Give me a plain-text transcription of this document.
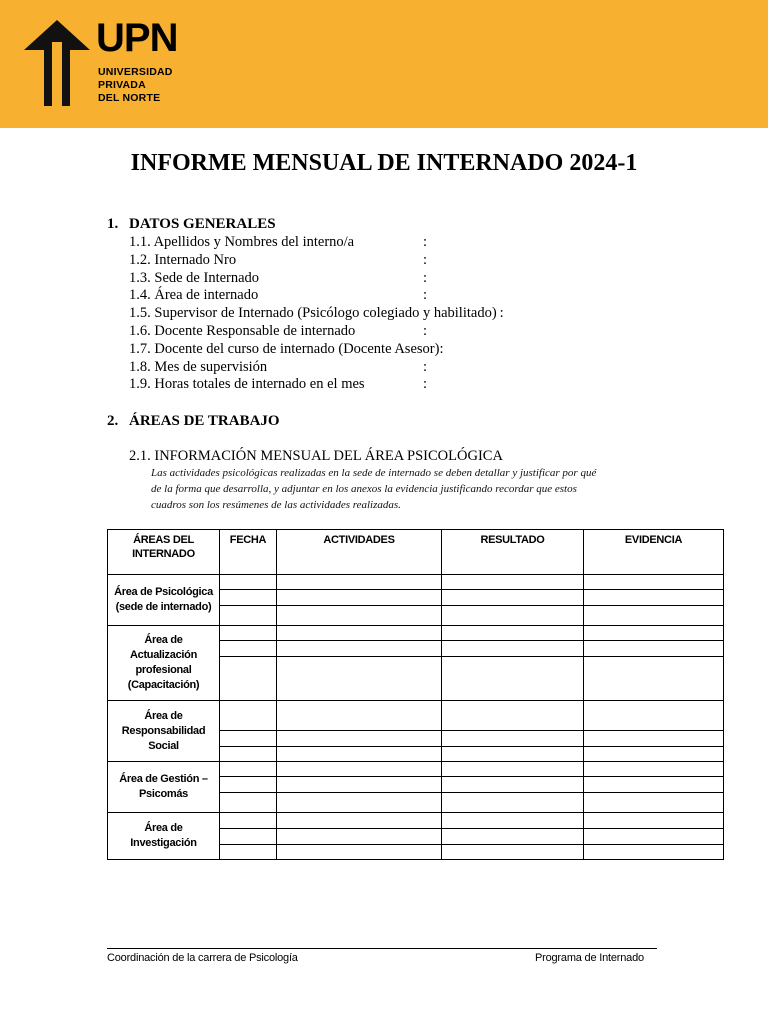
UPN
UNIVERSIDAD
PRIVADA
DEL NORTE
INFORME MENSUAL DE INTERNADO 2024-1
1. DATOS GENERALES
1.1. Apellidos y Nombres del interno/a	:
1.2. Internado Nro	:
1.3. Sede de Internado	:
1.4. Área de internado	:
1.5. Supervisor de Internado (Psicólogo colegiado y habilitado) :
1.6. Docente Responsable de internado	:
1.7. Docente del curso de internado (Docente Asesor):
1.8. Mes de supervisión	:
1.9. Horas totales de internado en el mes	:
2. ÁREAS DE TRABAJO
2.1. INFORMACIÓN MENSUAL DEL ÁREA PSICOLÓGICA
Las actividades psicológicas realizadas en la sede de internado se deben detallar y justificar por qué
de la forma que desarrolla, y adjuntar en los anexos la evidencia justificando recordar que estos
cuadros son los resúmenes de las actividades realizadas.
ÁREAS DEL INTERNADO	FECHA	ACTIVIDADES	RESULTADO	EVIDENCIA
Área de Psicológica (sede de internado)				

Área de Actualización profesional (Capacitación)				

Área de Responsabilidad Social				

Área de Gestión – Psicomás				

Área de Investigación				

Coordinación de la carrera de Psicología	Programa de Internado
